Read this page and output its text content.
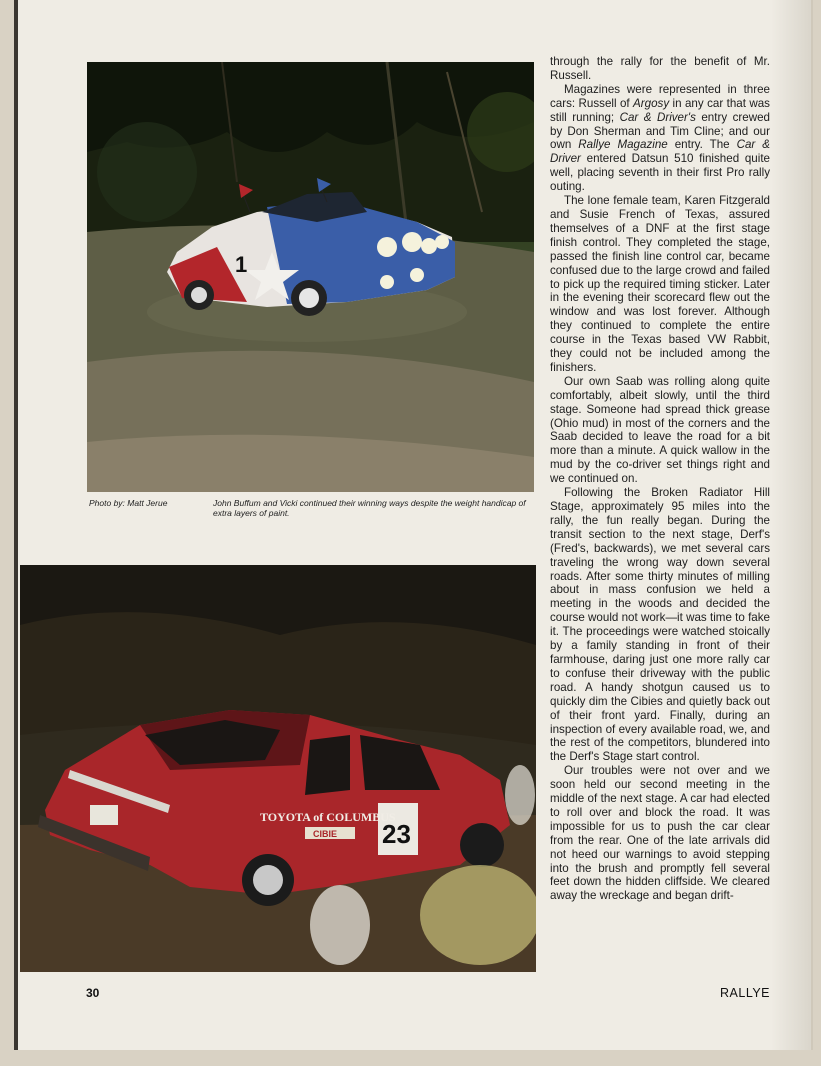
1
Photo by: Matt Jerue	John Buffum and Vicki continued their winning ways despite the weight handicap of extra layers of paint.
23
TOYOTA of COLUMBUS
CIBIE

through the rally for the benefit of Mr. Russell.

Magazines were represented in three cars: Russell of Argosy in any car that was still running; Car & Driver's entry crewed by Don Sherman and Tim Cline; and our own Rallye Magazine entry. The Car & Driver entered Datsun 510 finished quite well, placing seventh in their first Pro rally outing.

The lone female team, Karen Fitzgerald and Susie French of Texas, assured themselves of a DNF at the first stage finish control. They completed the stage, passed the finish line control car, became confused due to the large crowd and failed to pick up the required timing sticker. Later in the evening their scorecard flew out the window and was lost forever. Although they continued to complete the entire course in the Texas based VW Rabbit, they could not be included among the finishers.

Our own Saab was rolling along quite comfortably, albeit slowly, until the third stage. Someone had spread thick grease (Ohio mud) in most of the corners and the Saab decided to leave the road for a bit more than a minute. A quick wallow in the mud by the co-driver set things right and we continued on.

Following the Broken Radiator Hill Stage, approximately 95 miles into the rally, the fun really began. During the transit section to the next stage, Derf's (Fred's, backwards), we met several cars traveling the wrong way down several roads. After some thirty minutes of milling about in mass confusion we held a meeting in the woods and decided the course would not work—it was time to fake it. The proceedings were watched stoically by a family standing in front of their farmhouse, daring just one more rally car to confuse their driveway with the public road. A handy shotgun caused us to quickly dim the Cibies and quietly back out of their front yard. Finally, during an inspection of every available road, we, and the rest of the competitors, blundered into the Derf's Stage start control.

Our troubles were not over and we soon held our second meeting in the middle of the next stage. A car had elected to roll over and block the road. It was impossible for us to push the car clear from the rear. One of the late arrivals did not heed our warnings to avoid stepping into the brush and promptly fell several feet down the hidden cliffside. We cleared away the wreckage and began drift-

30	RALLYE
